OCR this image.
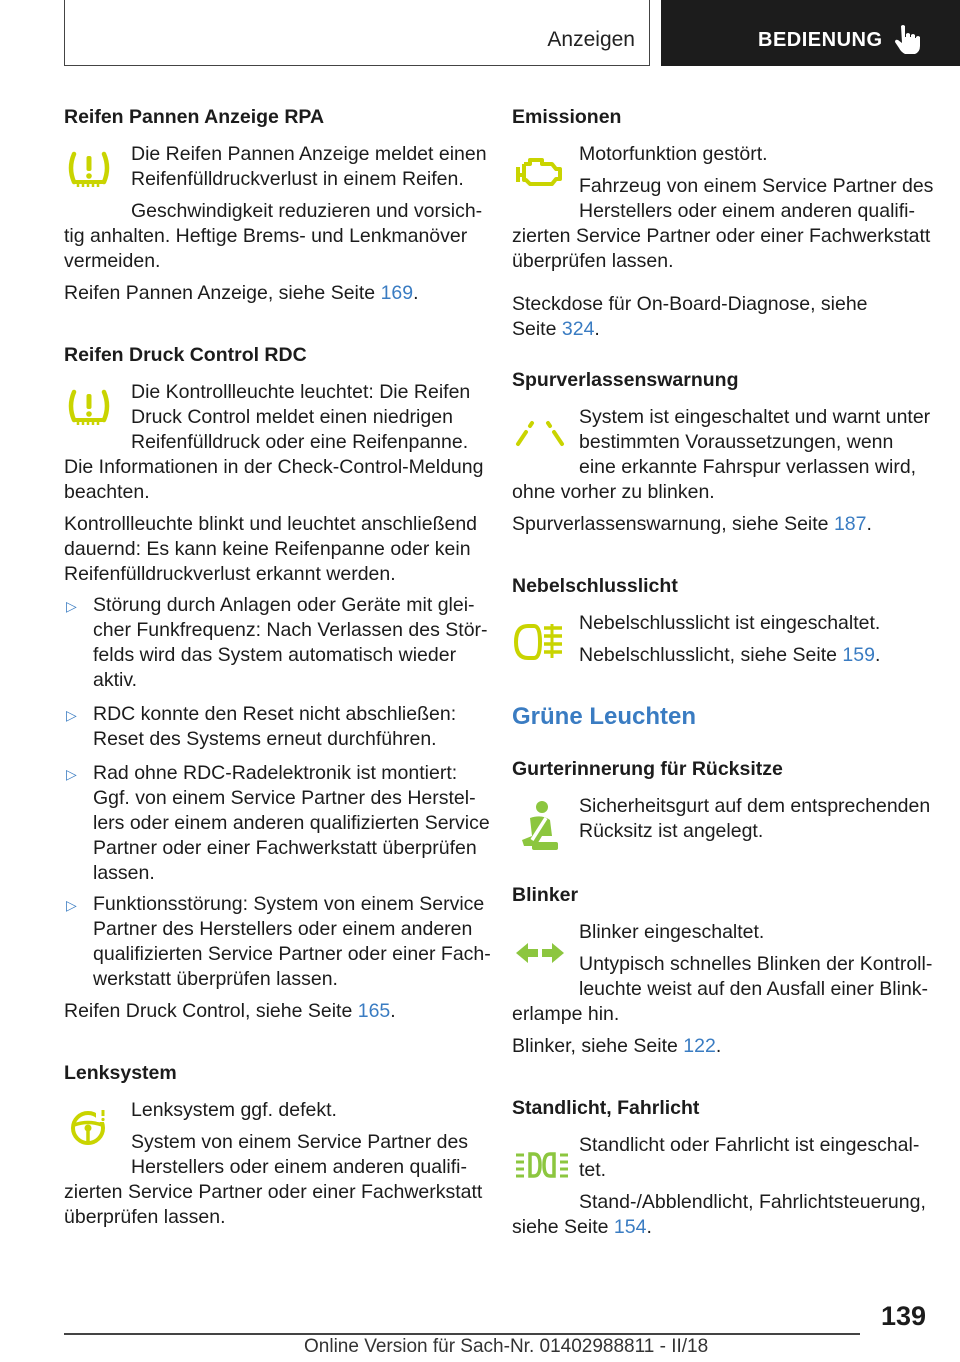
Anzeigen	BEDIENUNG
Reifen Pannen Anzeige RPA
Die Reifen Pannen Anzeige meldet einen
Reifenfülldruckverlust in einem Reifen.
Geschwindigkeit reduzieren und vorsich-
tig anhalten. Heftige Brems- und Lenkmanöver
vermeiden.
Reifen Pannen Anzeige, siehe Seite 169.
Reifen Druck Control RDC
Die Kontrollleuchte leuchtet: Die Reifen
Druck Control meldet einen niedrigen
Reifenfülldruck oder eine Reifenpanne.
Die Informationen in der Check-Control-Meldung
beachten.
Kontrollleuchte blinkt und leuchtet anschließend
dauernd: Es kann keine Reifenpanne oder kein
Reifenfülldruckverlust erkannt werden.
▷ Störung durch Anlagen oder Geräte mit glei-
cher Funkfrequenz: Nach Verlassen des Stör-
felds wird das System automatisch wieder
aktiv.
▷ RDC konnte den Reset nicht abschließen:
Reset des Systems erneut durchführen.
▷ Rad ohne RDC-Radelektronik ist montiert:
Ggf. von einem Service Partner des Herstel-
lers oder einem anderen qualifizierten Service
Partner oder einer Fachwerkstatt überprüfen
lassen.
▷ Funktionsstörung: System von einem Service
Partner des Herstellers oder einem anderen
qualifizierten Service Partner oder einer Fach-
werkstatt überprüfen lassen.
Reifen Druck Control, siehe Seite 165.
Lenksystem
Lenksystem ggf. defekt.
System von einem Service Partner des
Herstellers oder einem anderen qualifi-
zierten Service Partner oder einer Fachwerkstatt
überprüfen lassen.
Emissionen
Motorfunktion gestört.
Fahrzeug von einem Service Partner des
Herstellers oder einem anderen qualifi-
zierten Service Partner oder einer Fachwerkstatt
überprüfen lassen.
Steckdose für On-Board-Diagnose, siehe
Seite 324.
Spurverlassenswarnung
System ist eingeschaltet und warnt unter
bestimmten Voraussetzungen, wenn
eine erkannte Fahrspur verlassen wird,
ohne vorher zu blinken.
Spurverlassenswarnung, siehe Seite 187.
Nebelschlusslicht
Nebelschlusslicht ist eingeschaltet.
Nebelschlusslicht, siehe Seite 159.
Grüne Leuchten
Gurterinnerung für Rücksitze
Sicherheitsgurt auf dem entsprechenden
Rücksitz ist angelegt.
Blinker
Blinker eingeschaltet.
Untypisch schnelles Blinken der Kontroll-
leuchte weist auf den Ausfall einer Blink-
erlampe hin.
Blinker, siehe Seite 122.
Standlicht, Fahrlicht
Standlicht oder Fahrlicht ist eingeschal-
tet.
Stand-/Abblendlicht, Fahrlichtsteuerung,
siehe Seite 154.
139
Online Version für Sach-Nr. 01402988811 - II/18
